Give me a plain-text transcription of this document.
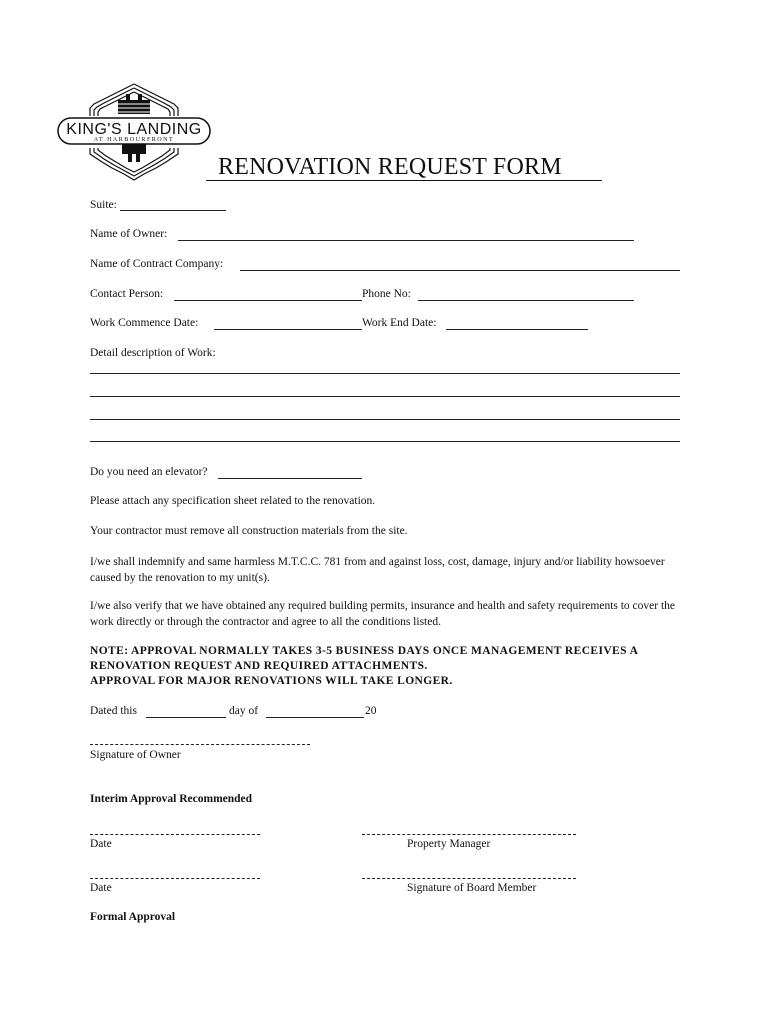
KING'S LANDING
AT HARBOURFRONT
RENOVATION REQUEST FORM
Suite:
Name of Owner:
Name of Contract Company:
Contact Person:	Phone No:
Work Commence Date:	Work End Date:
Detail description of Work:
Do you need an elevator?
Please attach any specification sheet related to the renovation.
Your contractor must remove all construction materials from the site.
I/we shall indemnify and same harmless M.T.C.C. 781 from and against loss, cost, damage, injury and/or liability howsoever caused by the renovation to my unit(s).
I/we also verify that we have obtained any required building permits, insurance and health and safety requirements to cover the work directly or through the contractor and agree to all the conditions listed.
NOTE: APPROVAL NORMALLY TAKES 3-5 BUSINESS DAYS ONCE MANAGEMENT RECEIVES A
RENOVATION REQUEST AND REQUIRED ATTACHMENTS.
APPROVAL FOR MAJOR RENOVATIONS WILL TAKE LONGER.
Dated this	day of	20
Signature of Owner
Interim Approval Recommended
Date	Property Manager
Date	Signature of Board Member
Formal Approval
